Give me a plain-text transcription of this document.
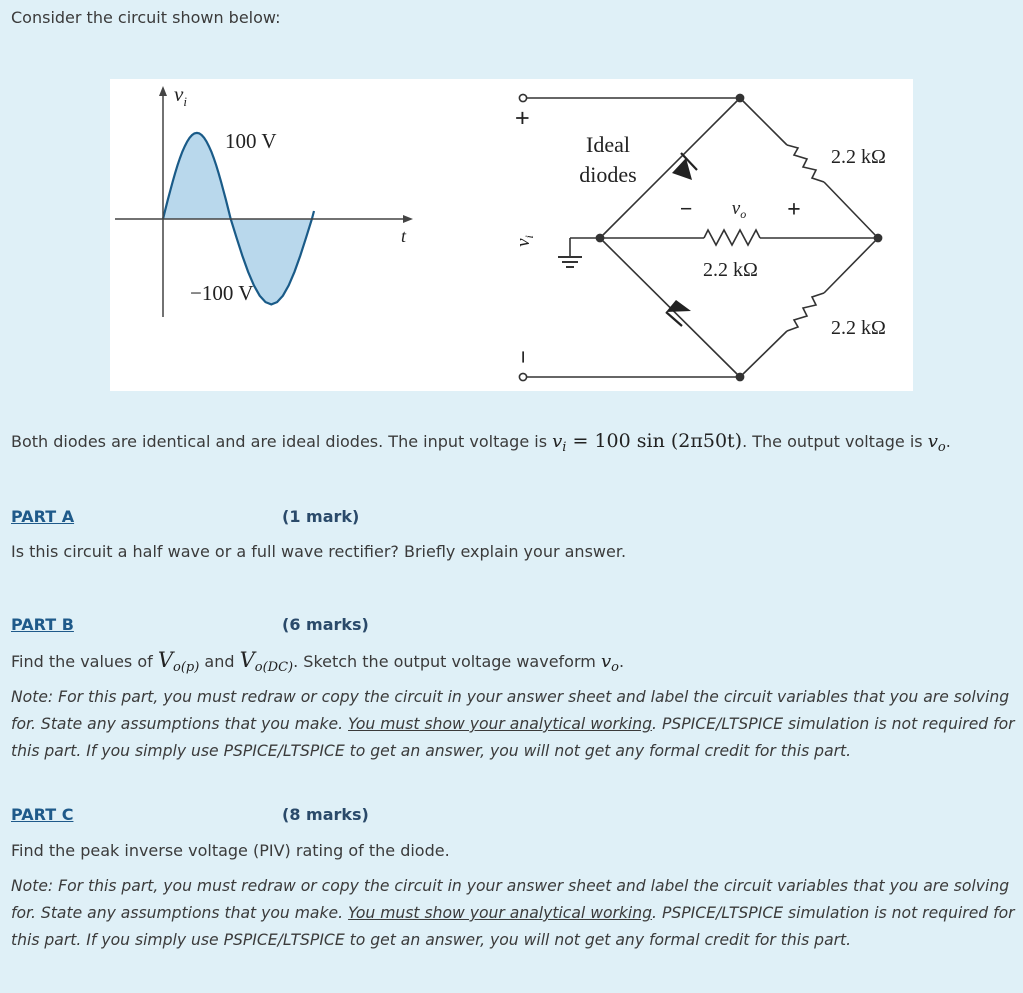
Consider the circuit shown below:
$v_i$
t
100 V
−100 V
+
−
$v_i$
Ideal
diodes
− $v_o$ +
2.2 kΩ
2.2 kΩ
2.2 kΩ
Both diodes are identical and are ideal diodes. The input voltage is $v_i = 100$ sin (2π50t). The output voltage is $v_o$.
PART A	(1 mark)
Is this circuit a half wave or a full wave rectifier? Briefly explain your answer.
PART B	(6 marks)
Find the values of $V_{o(p)}$ and $V_{o(DC)}$. Sketch the output voltage waveform $v_o$.
Note: For this part, you must redraw or copy the circuit in your answer sheet and label the circuit variables that you are solving for. State any assumptions that you make. You must show your analytical working. PSPICE/LTSPICE simulation is not required for this part. If you simply use PSPICE/LTSPICE to get an answer, you will not get any formal credit for this part.
PART C	(8 marks)
Find the peak inverse voltage (PIV) rating of the diode.
Note: For this part, you must redraw or copy the circuit in your answer sheet and label the circuit variables that you are solving for. State any assumptions that you make. You must show your analytical working. PSPICE/LTSPICE simulation is not required for this part. If you simply use PSPICE/LTSPICE to get an answer, you will not get any formal credit for this part.
